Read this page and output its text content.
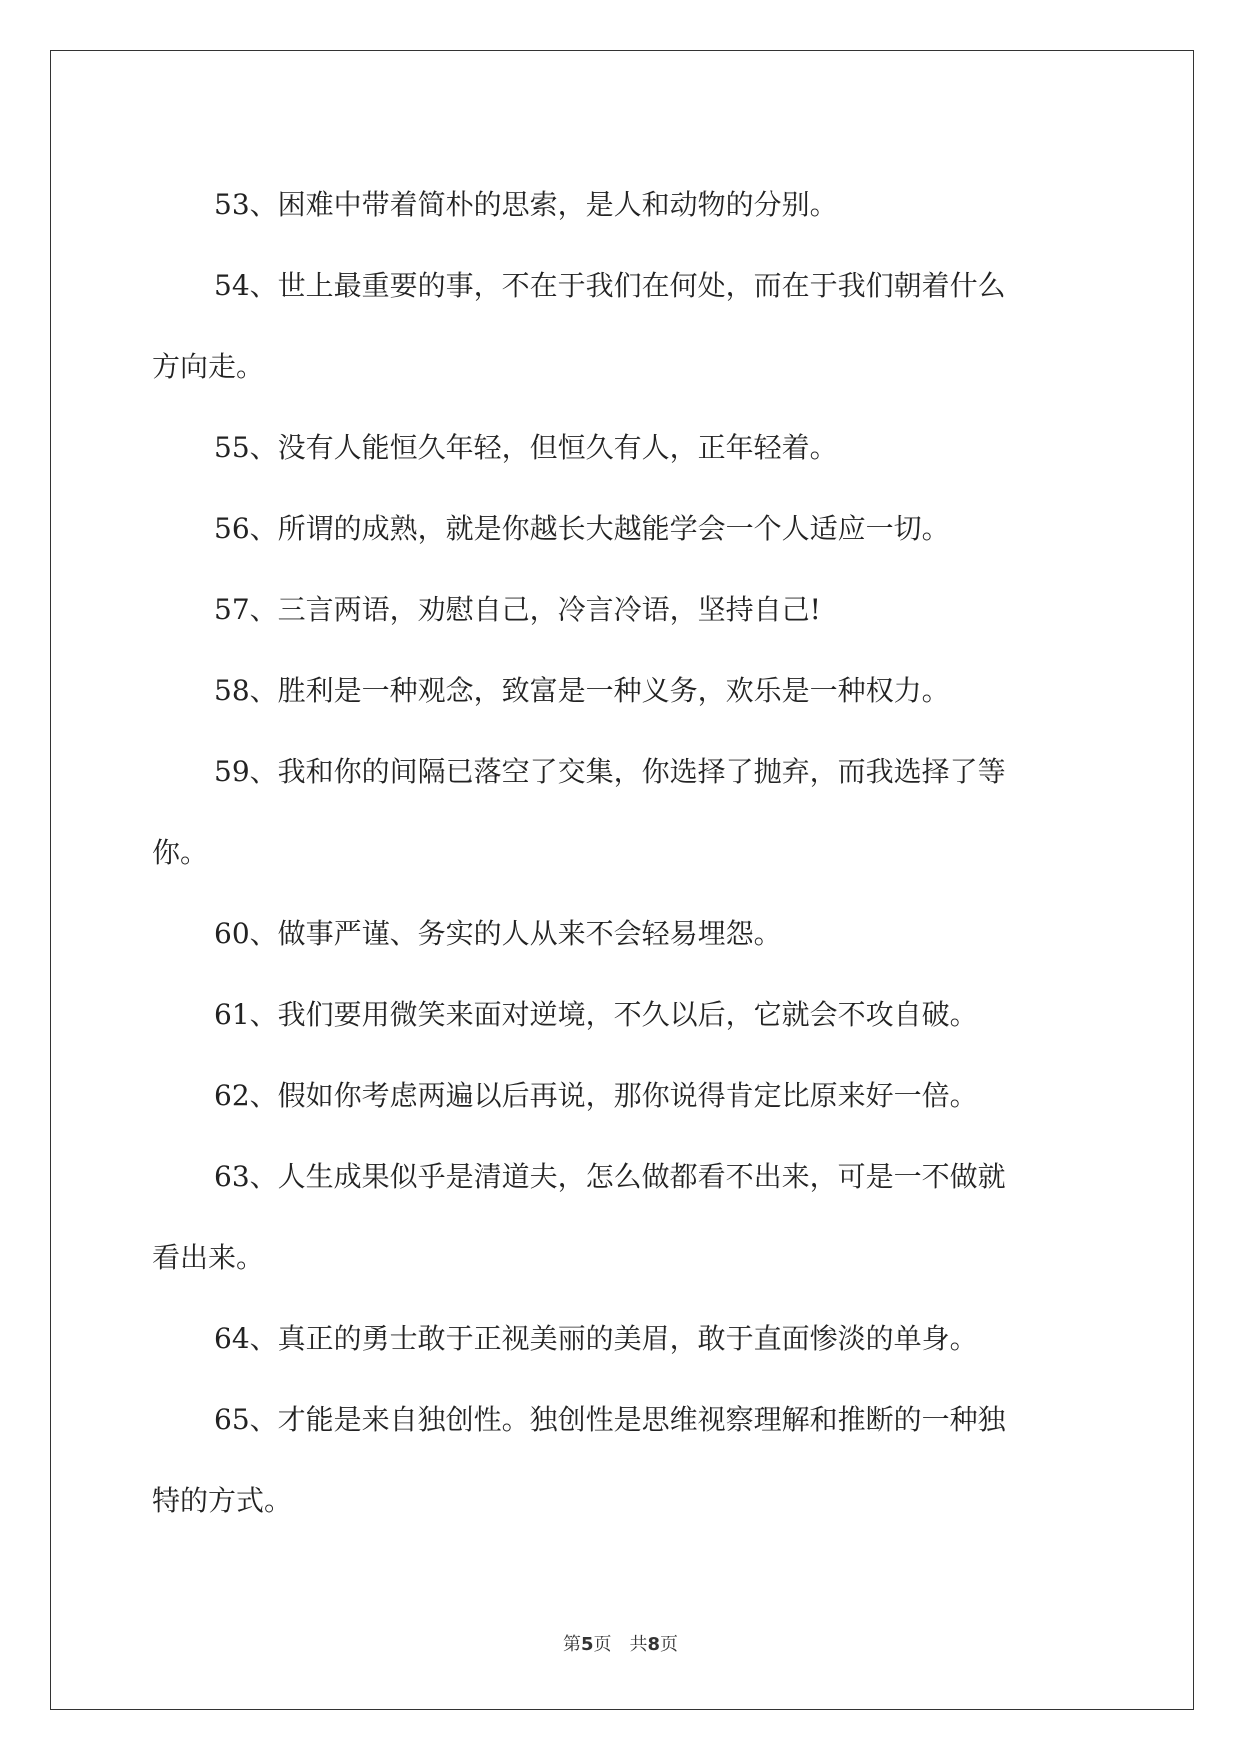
53、困难中带着简朴的思索，是人和动物的分别。

54、世上最重要的事，不在于我们在何处，而在于我们朝着什么
方向走。

55、没有人能恒久年轻，但恒久有人，正年轻着。

56、所谓的成熟，就是你越长大越能学会一个人适应一切。

57、三言两语，劝慰自己，冷言冷语，坚持自己!

58、胜利是一种观念，致富是一种义务，欢乐是一种权力。

59、我和你的间隔已落空了交集，你选择了抛弃，而我选择了等
你。

60、做事严谨、务实的人从来不会轻易埋怨。

61、我们要用微笑来面对逆境，不久以后，它就会不攻自破。

62、假如你考虑两遍以后再说，那你说得肯定比原来好一倍。

63、人生成果似乎是清道夫，怎么做都看不出来，可是一不做就
看出来。

64、真正的勇士敢于正视美丽的美眉，敢于直面惨淡的单身。

65、才能是来自独创性。独创性是思维视察理解和推断的一种独
特的方式。

第5页 共8页
